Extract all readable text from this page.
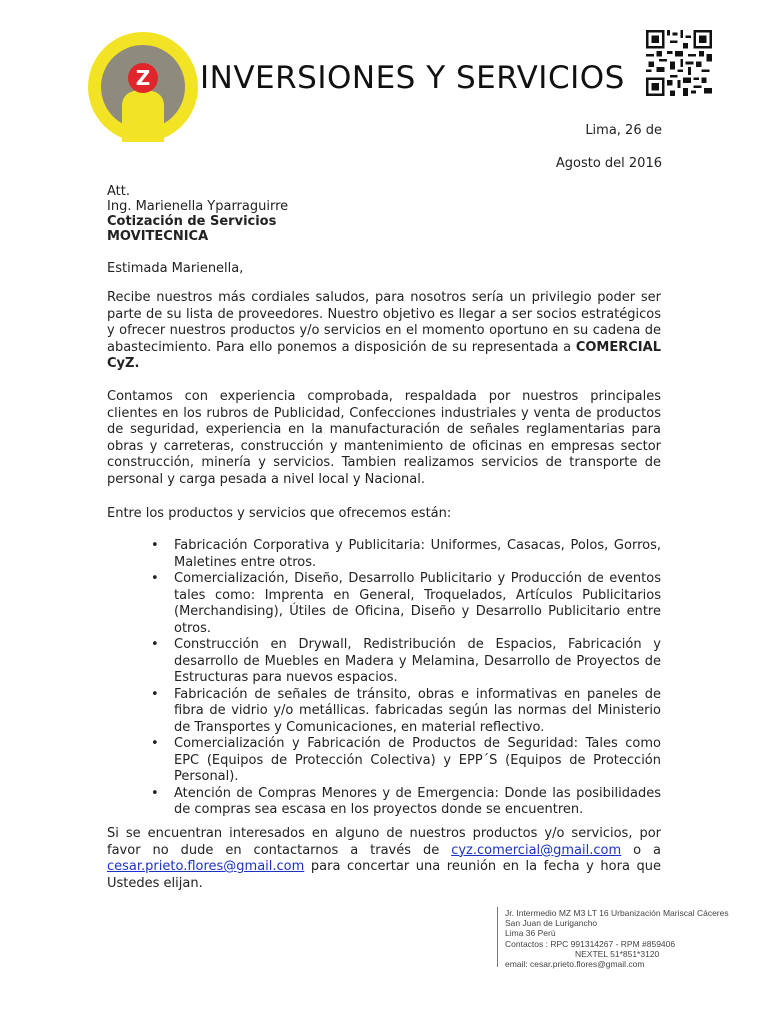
Z INVERSIONES Y SERVICIOS
Lima, 26 de
Agosto del 2016
Att.
Ing. Marienella Yparraguirre
Cotización de Servicios
MOVITECNICA
Estimada Marienella,
Recibe nuestros más cordiales saludos, para nosotros sería un privilegio poder ser parte de su lista de proveedores. Nuestro objetivo es llegar a ser socios estratégicos y ofrecer nuestros productos y/o servicios en el momento oportuno en su cadena de abastecimiento. Para ello ponemos a disposición de su representada a COMERCIAL CyZ.
Contamos con experiencia comprobada, respaldada por nuestros principales clientes en los rubros de Publicidad, Confecciones industriales y venta de productos de seguridad, experiencia en la manufacturación de señales reglamentarias para obras y carreteras, construcción y mantenimiento de oficinas en empresas sector construcción, minería y servicios. Tambien realizamos servicios de transporte de personal y carga pesada a nivel local y Nacional.
Entre los productos y servicios que ofrecemos están:
• Fabricación Corporativa y Publicitaria: Uniformes, Casacas, Polos, Gorros, Maletines entre otros.
• Comercialización, Diseño, Desarrollo Publicitario y Producción de eventos tales como: Imprenta en General, Troquelados, Artículos Publicitarios (Merchandising), Útiles de Oficina, Diseño y Desarrollo Publicitario entre otros.
• Construcción en Drywall, Redistribución de Espacios, Fabricación y desarrollo de Muebles en Madera y Melamina, Desarrollo de Proyectos de Estructuras para nuevos espacios.
• Fabricación de señales de tránsito, obras e informativas en paneles de fibra de vidrio y/o metállicas. fabricadas según las normas del Ministerio de Transportes y Comunicaciones, en material reflectivo.
• Comercialización y Fabricación de Productos de Seguridad: Tales como EPC (Equipos de Protección Colectiva) y EPP´S (Equipos de Protección Personal).
• Atención de Compras Menores y de Emergencia: Donde las posibilidades de compras sea escasa en los proyectos donde se encuentren.
Si se encuentran interesados en alguno de nuestros productos y/o servicios, por favor no dude en contactarnos a través de cyz.comercial@gmail.com o a cesar.prieto.flores@gmail.com para concertar una reunión en la fecha y hora que Ustedes elijan.
Jr. Intermedio MZ M3 LT 16 Urbanización Mariscal Cáceres
San Juan de Lurigancho
Lima 36 Perú
Contactos : RPC 991314267 - RPM #859406
NEXTEL 51*851*3120
email: cesar.prieto.flores@gmail.com
